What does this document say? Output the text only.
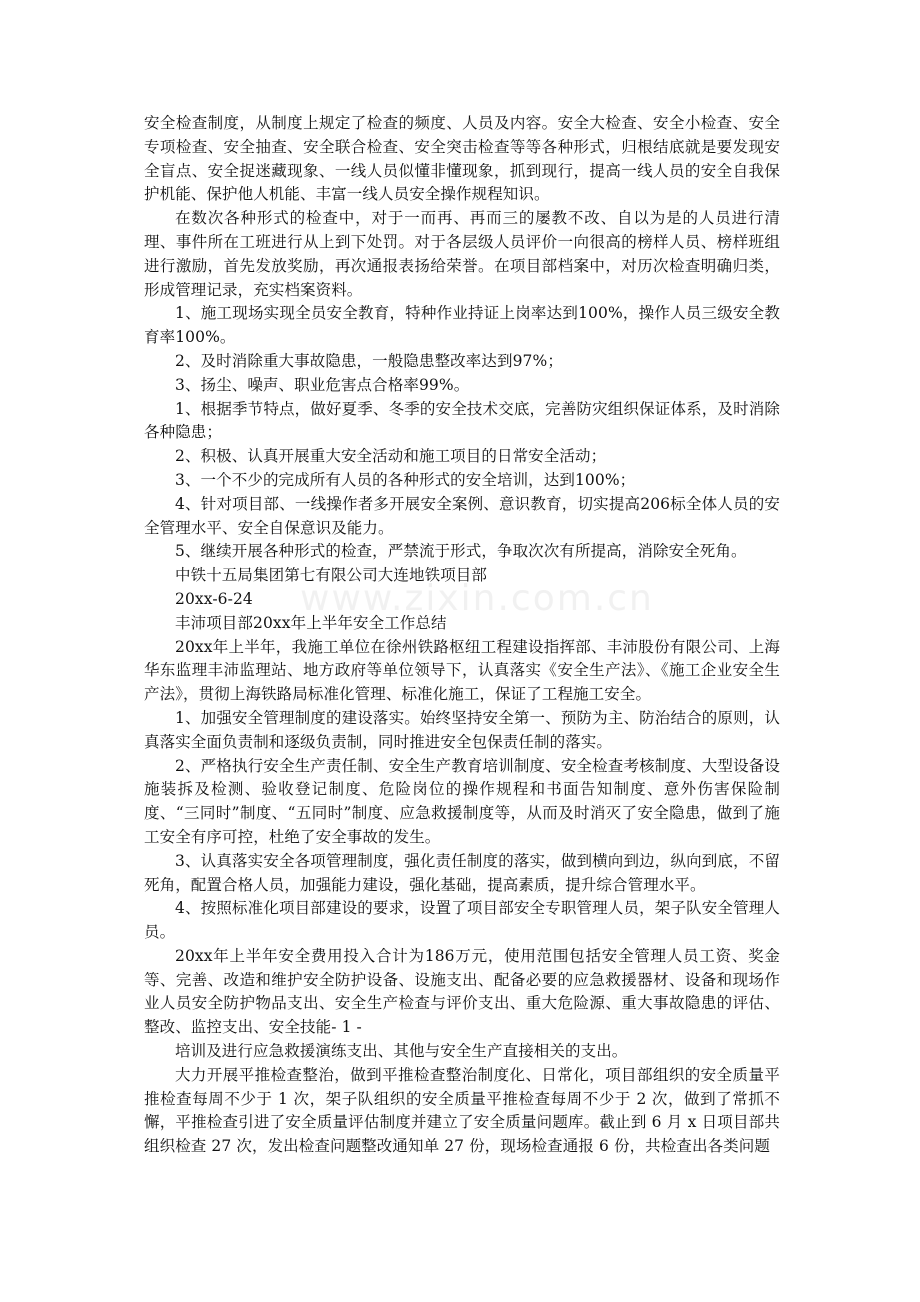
www.zixin.com.cn

安全检查制度，从制度上规定了检查的频度、人员及内容。安全大检查、安全小检查、安全专项检查、安全抽查、安全联合检查、安全突击检查等等各种形式，归根结底就是要发现安全盲点、安全捉迷藏现象、一线人员似懂非懂现象，抓到现行，提高一线人员的安全自我保护机能、保护他人机能、丰富一线人员安全操作规程知识。

在数次各种形式的检查中，对于一而再、再而三的屡教不改、自以为是的人员进行清理、事件所在工班进行从上到下处罚。对于各层级人员评价一向很高的榜样人员、榜样班组进行激励，首先发放奖励，再次通报表扬给荣誉。在项目部档案中，对历次检查明确归类，形成管理记录，充实档案资料。

1、施工现场实现全员安全教育，特种作业持证上岗率达到100%，操作人员三级安全教育率100%。

2、及时消除重大事故隐患，一般隐患整改率达到97%；

3、扬尘、噪声、职业危害点合格率99%。

1、根据季节特点，做好夏季、冬季的安全技术交底，完善防灾组织保证体系，及时消除各种隐患；

2、积极、认真开展重大安全活动和施工项目的日常安全活动；

3、一个不少的完成所有人员的各种形式的安全培训，达到100%；

4、针对项目部、一线操作者多开展安全案例、意识教育，切实提高206标全体人员的安全管理水平、安全自保意识及能力。

5、继续开展各种形式的检查，严禁流于形式，争取次次有所提高，消除安全死角。

中铁十五局集团第七有限公司大连地铁项目部

20xx-6-24

丰沛项目部20xx年上半年安全工作总结

20xx年上半年，我施工单位在徐州铁路枢纽工程建设指挥部、丰沛股份有限公司、上海华东监理丰沛监理站、地方政府等单位领导下，认真落实《安全生产法》、《施工企业安全生产法》，贯彻上海铁路局标准化管理、标准化施工，保证了工程施工安全。

1、加强安全管理制度的建设落实。始终坚持安全第一、预防为主、防治结合的原则，认真落实全面负责制和逐级负责制，同时推进安全包保责任制的落实。

2、严格执行安全生产责任制、安全生产教育培训制度、安全检查考核制度、大型设备设施装拆及检测、验收登记制度、危险岗位的操作规程和书面告知制度、意外伤害保险制度、“三同时”制度、“五同时”制度、应急救援制度等，从而及时消灭了安全隐患，做到了施工安全有序可控，杜绝了安全事故的发生。

3、认真落实安全各项管理制度，强化责任制度的落实，做到横向到边，纵向到底，不留死角，配置合格人员，加强能力建设，强化基础，提高素质，提升综合管理水平。

4、按照标准化项目部建设的要求，设置了项目部安全专职管理人员，架子队安全管理人员。

20xx年上半年安全费用投入合计为186万元，使用范围包括安全管理人员工资、奖金等、完善、改造和维护安全防护设备、设施支出、配备必要的应急救援器材、设备和现场作业人员安全防护物品支出、安全生产检查与评价支出、重大危险源、重大事故隐患的评估、整改、监控支出、安全技能- 1 -

培训及进行应急救援演练支出、其他与安全生产直接相关的支出。

大力开展平推检查整治，做到平推检查整治制度化、日常化，项目部组织的安全质量平推检查每周不少于 1 次，架子队组织的安全质量平推检查每周不少于 2 次，做到了常抓不懈，平推检查引进了安全质量评估制度并建立了安全质量问题库。截止到 6 月 x 日项目部共组织检查 27 次，发出检查问题整改通知单 27 份，现场检查通报 6 份，共检查出各类问题
